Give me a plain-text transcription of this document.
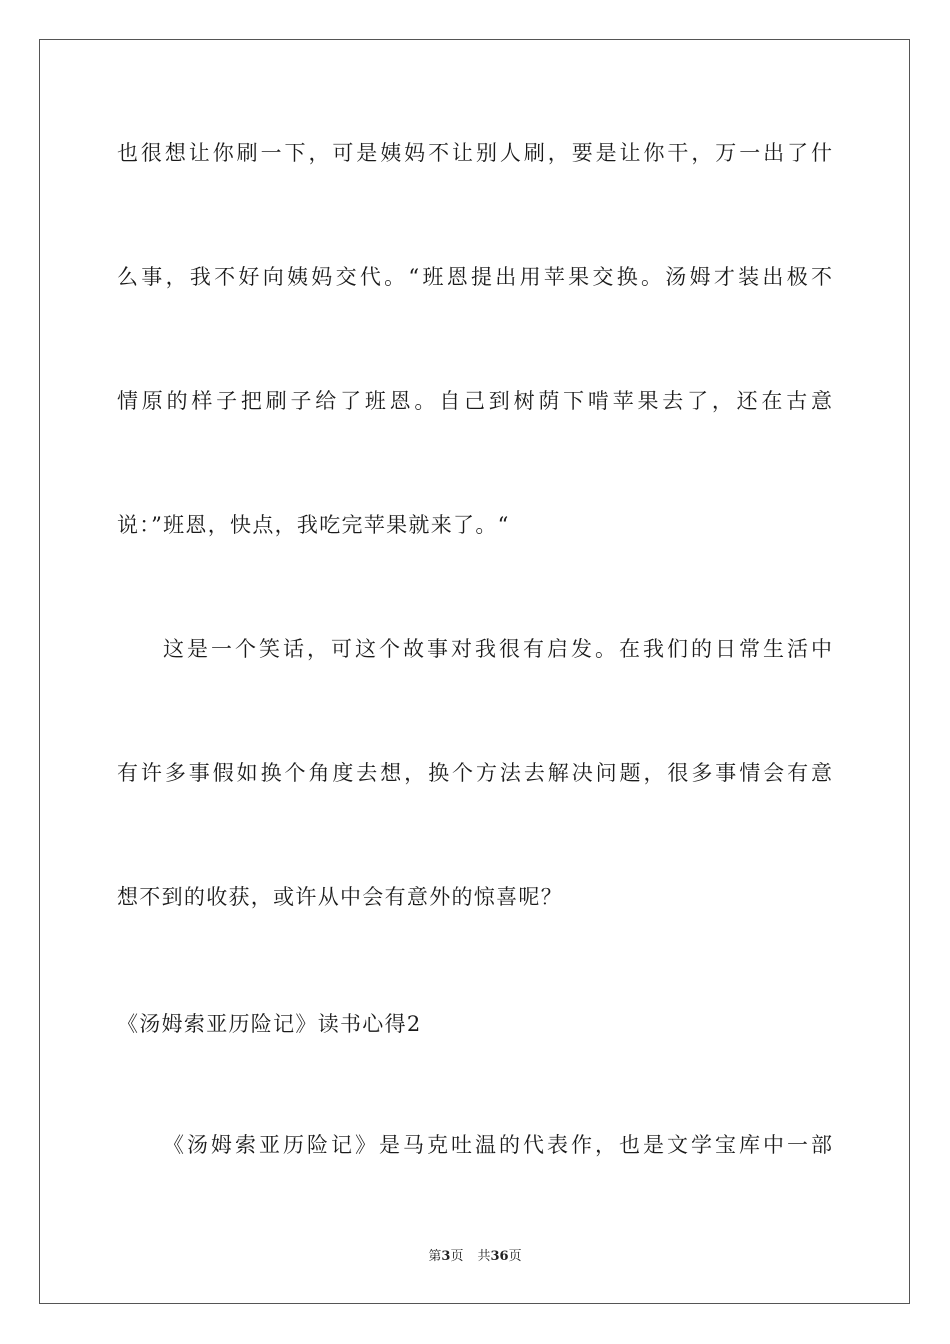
也很想让你刷一下，可是姨妈不让别人刷，要是让你干，万一出了什
么事，我不好向姨妈交代。“班恩提出用苹果交换。汤姆才装出极不
情原的样子把刷子给了班恩。自己到树荫下啃苹果去了，还在古意
说：”班恩，快点，我吃完苹果就来了。“
这是一个笑话，可这个故事对我很有启发。在我们的日常生活中
有许多事假如换个角度去想，换个方法去解决问题，很多事情会有意
想不到的收获，或许从中会有意外的惊喜呢？
《汤姆索亚历险记》读书心得2
《汤姆索亚历险记》是马克吐温的代表作，也是文学宝库中一部
第3页 共36页
